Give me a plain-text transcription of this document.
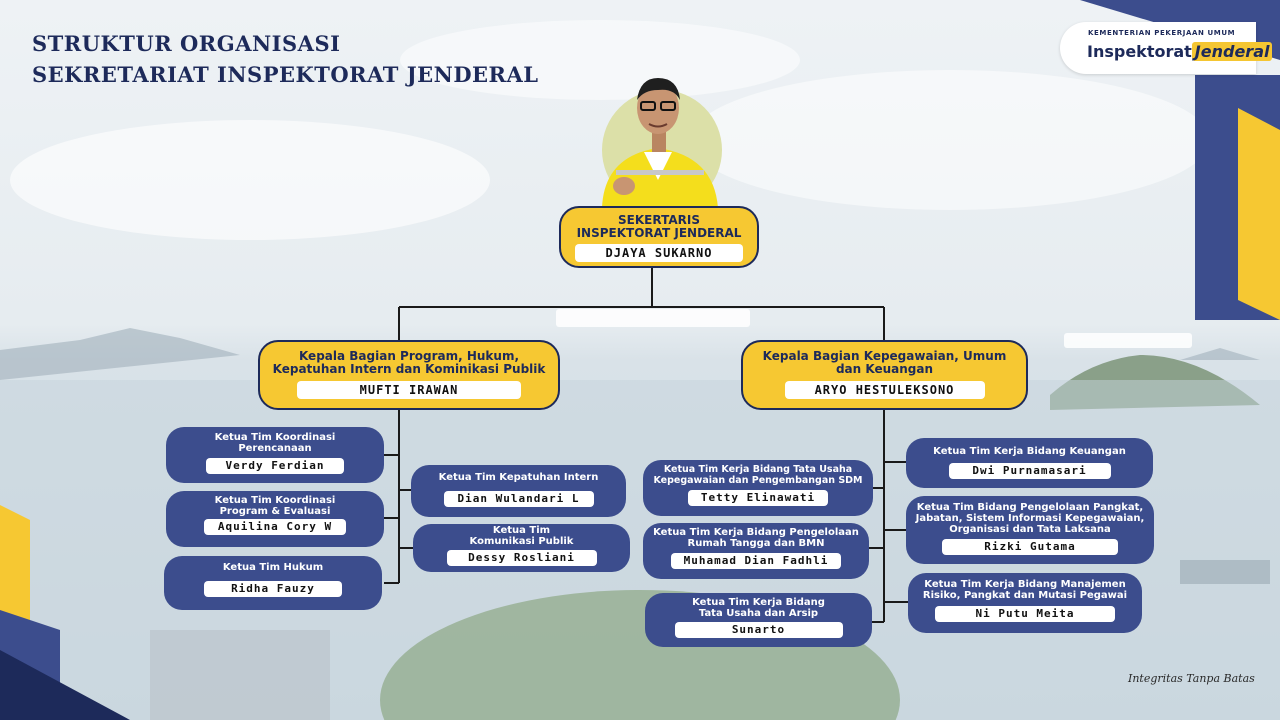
STRUKTUR ORGANISASI
SEKRETARIAT INSPEKTORAT JENDERAL
KEMENTERIAN PEKERJAAN UMUM
Inspektorat Jenderal
SEKERTARIS
INSPEKTORAT JENDERAL
DJAYA SUKARNO
Kepala Bagian Program, Hukum,
Kepatuhan Intern dan Kominikasi Publik
MUFTI IRAWAN
Kepala Bagian Kepegawaian, Umum
dan Keuangan
ARYO HESTULEKSONO
Ketua Tim Koordinasi
Perencanaan
Verdy Ferdian
Ketua Tim Koordinasi
Program & Evaluasi
Aquilina Cory W
Ketua Tim Hukum
Ridha Fauzy
Ketua Tim Kepatuhan Intern
Dian Wulandari L
Ketua Tim
Komunikasi Publik
Dessy Rosliani
Ketua Tim Kerja Bidang Tata Usaha
Kepegawaian dan Pengembangan SDM
Tetty Elinawati
Ketua Tim Kerja Bidang Pengelolaan
Rumah Tangga dan BMN
Muhamad Dian Fadhli
Ketua Tim Kerja Bidang
Tata Usaha dan Arsip
Sunarto
Ketua Tim Kerja Bidang Keuangan
Dwi Purnamasari
Ketua Tim Bidang Pengelolaan Pangkat,
Jabatan, Sistem Informasi Kepegawaian,
Organisasi dan Tata Laksana
Rizki Gutama
Ketua Tim Kerja Bidang Manajemen
Risiko, Pangkat dan Mutasi Pegawai
Ni Putu Meita
Integritas Tanpa Batas
